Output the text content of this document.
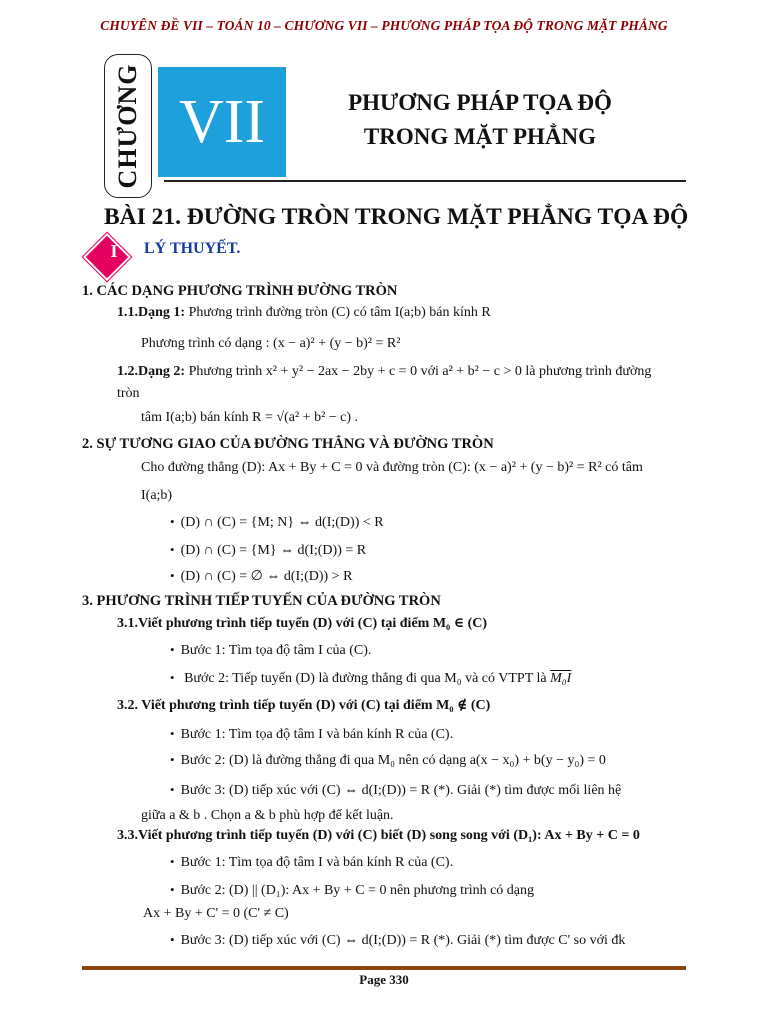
CHUYÊN ĐỀ VII – TOÁN 10 – CHƯƠNG VII – PHƯƠNG PHÁP TỌA ĐỘ TRONG MẶT PHẲNG
CHƯƠNG VII	PHƯƠNG PHÁP TỌA ĐỘ
TRONG MẶT PHẲNG
BÀI 21. ĐƯỜNG TRÒN TRONG MẶT PHẲNG TỌA ĐỘ
I	LÝ THUYẾT.
1. CÁC DẠNG PHƯƠNG TRÌNH ĐƯỜNG TRÒN
1.1.Dạng 1: Phương trình đường tròn (C) có tâm I(a;b) bán kính R
Phương trình có dạng : (x − a)² + (y − b)² = R²
1.2.Dạng 2: Phương trình x² + y² − 2ax − 2by + c = 0 với a² + b² − c > 0 là phương trình đường
tròn
tâm I(a;b) bán kính R = √(a² + b² − c) .
2. SỰ TƯƠNG GIAO CỦA ĐƯỜNG THẲNG VÀ ĐƯỜNG TRÒN
Cho đường thẳng (D): Ax + By + C = 0 và đường tròn (C): (x − a)² + (y − b)² = R² có tâm
I(a;b)
• (D) ∩ (C) = {M; N} ⇔ d(I;(D)) < R
• (D) ∩ (C) = {M} ⇔ d(I;(D)) = R
• (D) ∩ (C) = ∅ ⇔ d(I;(D)) > R
3. PHƯƠNG TRÌNH TIẾP TUYẾN CỦA ĐƯỜNG TRÒN
3.1.Viết phương trình tiếp tuyến (D) với (C) tại điểm M₀ ∈ (C)
• Bước 1: Tìm tọa độ tâm I của (C).
• Bước 2: Tiếp tuyến (D) là đường thẳng đi qua M₀ và có VTPT là M₀I
3.2. Viết phương trình tiếp tuyến (D) với (C) tại điểm M₀ ∉ (C)
• Bước 1: Tìm tọa độ tâm I và bán kính R của (C).
• Bước 2: (D) là đường thẳng đi qua M₀ nên có dạng a(x − x₀) + b(y − y₀) = 0
• Bước 3: (D) tiếp xúc với (C) ⇔ d(I;(D)) = R (*). Giải (*) tìm được mối liên hệ
giữa a & b . Chọn a & b phù hợp để kết luận.
3.3.Viết phương trình tiếp tuyến (D) với (C) biết (D) song song với (D₁): Ax + By + C = 0
• Bước 1: Tìm tọa độ tâm I và bán kính R của (C).
• Bước 2: (D) || (D₁): Ax + By + C = 0 nên phương trình có dạng
Ax + By + C' = 0 (C' ≠ C)
• Bước 3: (D) tiếp xúc với (C) ⇔ d(I;(D)) = R (*). Giải (*) tìm được C' so với đk
Page 330
